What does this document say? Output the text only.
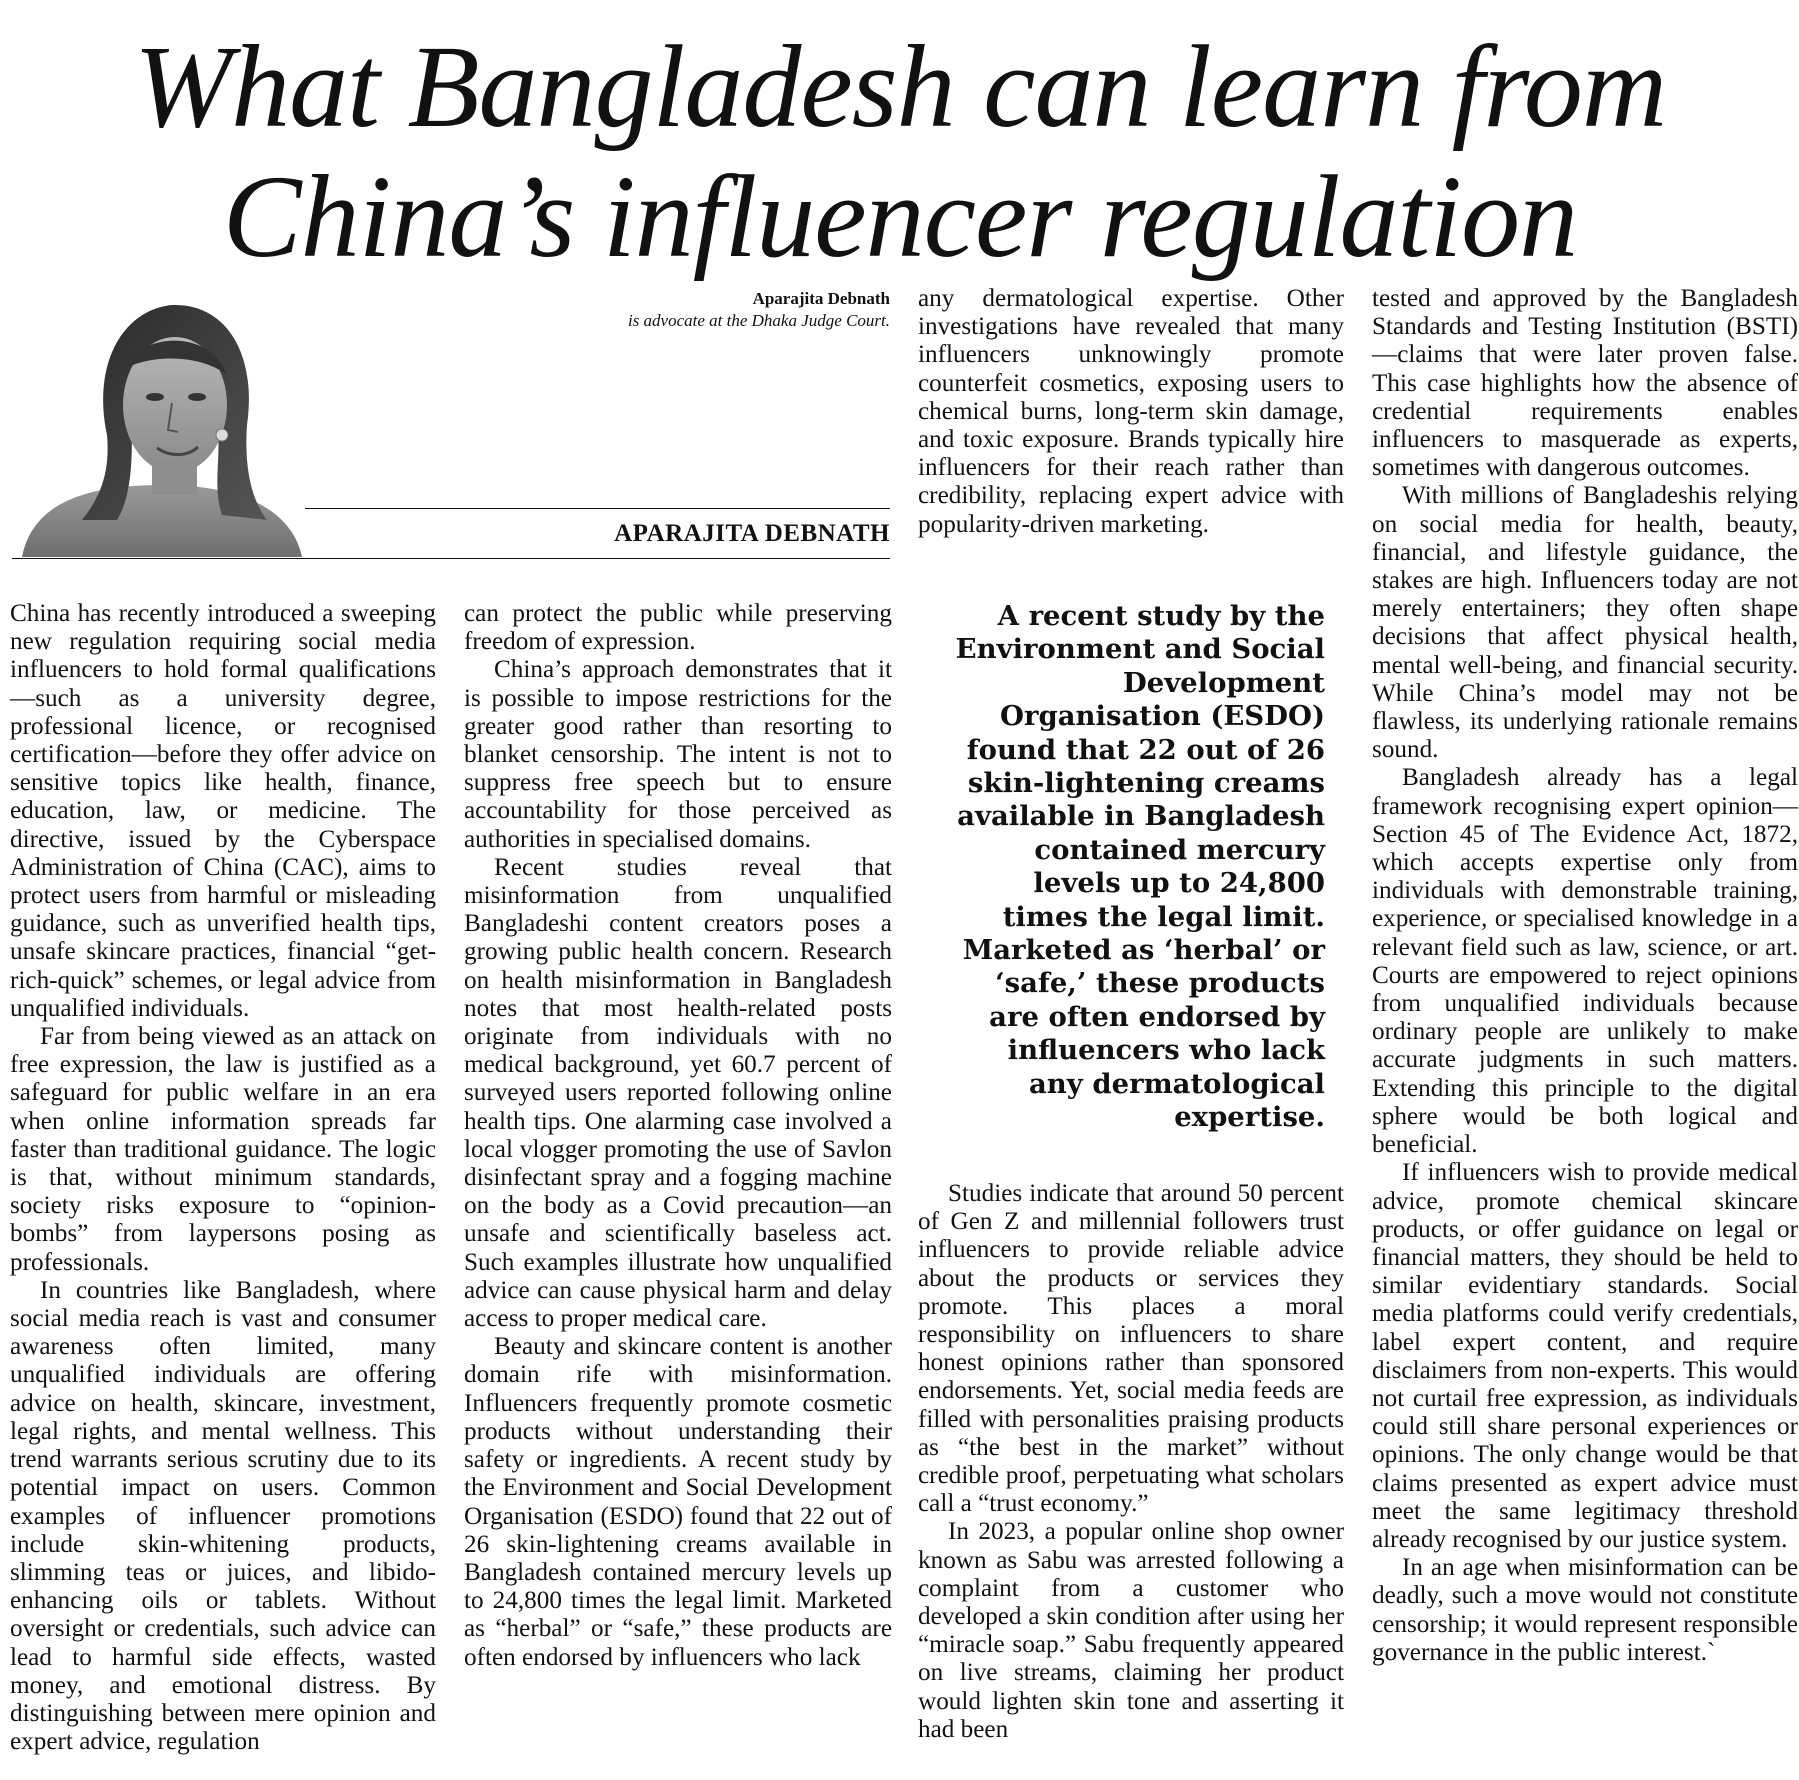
What Bangladesh can learn from China’s influencer regulation
Aparajita Debnath
is advocate at the Dhaka Judge Court.
APARAJITA DEBNATH

China has recently introduced a sweeping new regulation requiring social media influencers to hold formal qualifications—such as a university degree, professional licence, or recognised certification—before they offer advice on sensitive topics like health, finance, education, law, or medicine. The directive, issued by the Cyberspace Administration of China (CAC), aims to protect users from harmful or misleading guidance, such as unverified health tips, unsafe skincare practices, financial “get-rich-quick” schemes, or legal advice from unqualified individuals.

Far from being viewed as an attack on free expression, the law is justified as a safeguard for public welfare in an era when online information spreads far faster than traditional guidance. The logic is that, without minimum standards, society risks exposure to “opinion-bombs” from laypersons posing as professionals.

In countries like Bangladesh, where social media reach is vast and consumer awareness often limited, many unqualified individuals are offering advice on health, skincare, investment, legal rights, and mental wellness. This trend warrants serious scrutiny due to its potential impact on users. Common examples of influencer promotions include skin-whitening products, slimming teas or juices, and libido-enhancing oils or tablets. Without oversight or credentials, such advice can lead to harmful side effects, wasted money, and emotional distress. By distinguishing between mere opinion and expert advice, regulation

can protect the public while preserving freedom of expression.

China’s approach demonstrates that it is possible to impose restrictions for the greater good rather than resorting to blanket censorship. The intent is not to suppress free speech but to ensure accountability for those perceived as authorities in specialised domains.

Recent studies reveal that misinformation from unqualified Bangladeshi content creators poses a growing public health concern. Research on health misinformation in Bangladesh notes that most health-related posts originate from individuals with no medical background, yet 60.7 percent of surveyed users reported following online health tips. One alarming case involved a local vlogger promoting the use of Savlon disinfectant spray and a fogging machine on the body as a Covid precaution—an unsafe and scientifically baseless act. Such examples illustrate how unqualified advice can cause physical harm and delay access to proper medical care.

Beauty and skincare content is another domain rife with misinformation. Influencers frequently promote cosmetic products without understanding their safety or ingredients. A recent study by the Environment and Social Development Organisation (ESDO) found that 22 out of 26 skin-lightening creams available in Bangladesh contained mercury levels up to 24,800 times the legal limit. Marketed as “herbal” or “safe,” these products are often endorsed by influencers who lack

any dermatological expertise. Other investigations have revealed that many influencers unknowingly promote counterfeit cosmetics, exposing users to chemical burns, long-term skin damage, and toxic exposure. Brands typically hire influencers for their reach rather than credibility, replacing expert advice with popularity-driven marketing.

A recent study by the Environment and Social Development Organisation (ESDO) found that 22 out of 26 skin-lightening creams available in Bangladesh contained mercury levels up to 24,800 times the legal limit. Marketed as ‘herbal’ or ‘safe,’ these products are often endorsed by influencers who lack any dermatological expertise.

Studies indicate that around 50 percent of Gen Z and millennial followers trust influencers to provide reliable advice about the products or services they promote. This places a moral responsibility on influencers to share honest opinions rather than sponsored endorsements. Yet, social media feeds are filled with personalities praising products as “the best in the market” without credible proof, perpetuating what scholars call a “trust economy.”

In 2023, a popular online shop owner known as Sabu was arrested following a complaint from a customer who developed a skin condition after using her “miracle soap.” Sabu frequently appeared on live streams, claiming her product would lighten skin tone and asserting it had been

tested and approved by the Bangladesh Standards and Testing Institution (BSTI)—claims that were later proven false. This case highlights how the absence of credential requirements enables influencers to masquerade as experts, sometimes with dangerous outcomes.

With millions of Bangladeshis relying on social media for health, beauty, financial, and lifestyle guidance, the stakes are high. Influencers today are not merely entertainers; they often shape decisions that affect physical health, mental well-being, and financial security. While China’s model may not be flawless, its underlying rationale remains sound.

Bangladesh already has a legal framework recognising expert opinion—Section 45 of The Evidence Act, 1872, which accepts expertise only from individuals with demonstrable training, experience, or specialised knowledge in a relevant field such as law, science, or art. Courts are empowered to reject opinions from unqualified individuals because ordinary people are unlikely to make accurate judgments in such matters. Extending this principle to the digital sphere would be both logical and beneficial.

If influencers wish to provide medical advice, promote chemical skincare products, or offer guidance on legal or financial matters, they should be held to similar evidentiary standards. Social media platforms could verify credentials, label expert content, and require disclaimers from non-experts. This would not curtail free expression, as individuals could still share personal experiences or opinions. The only change would be that claims presented as expert advice must meet the same legitimacy threshold already recognised by our justice system.

In an age when misinformation can be deadly, such a move would not constitute censorship; it would represent responsible governance in the public interest.`
